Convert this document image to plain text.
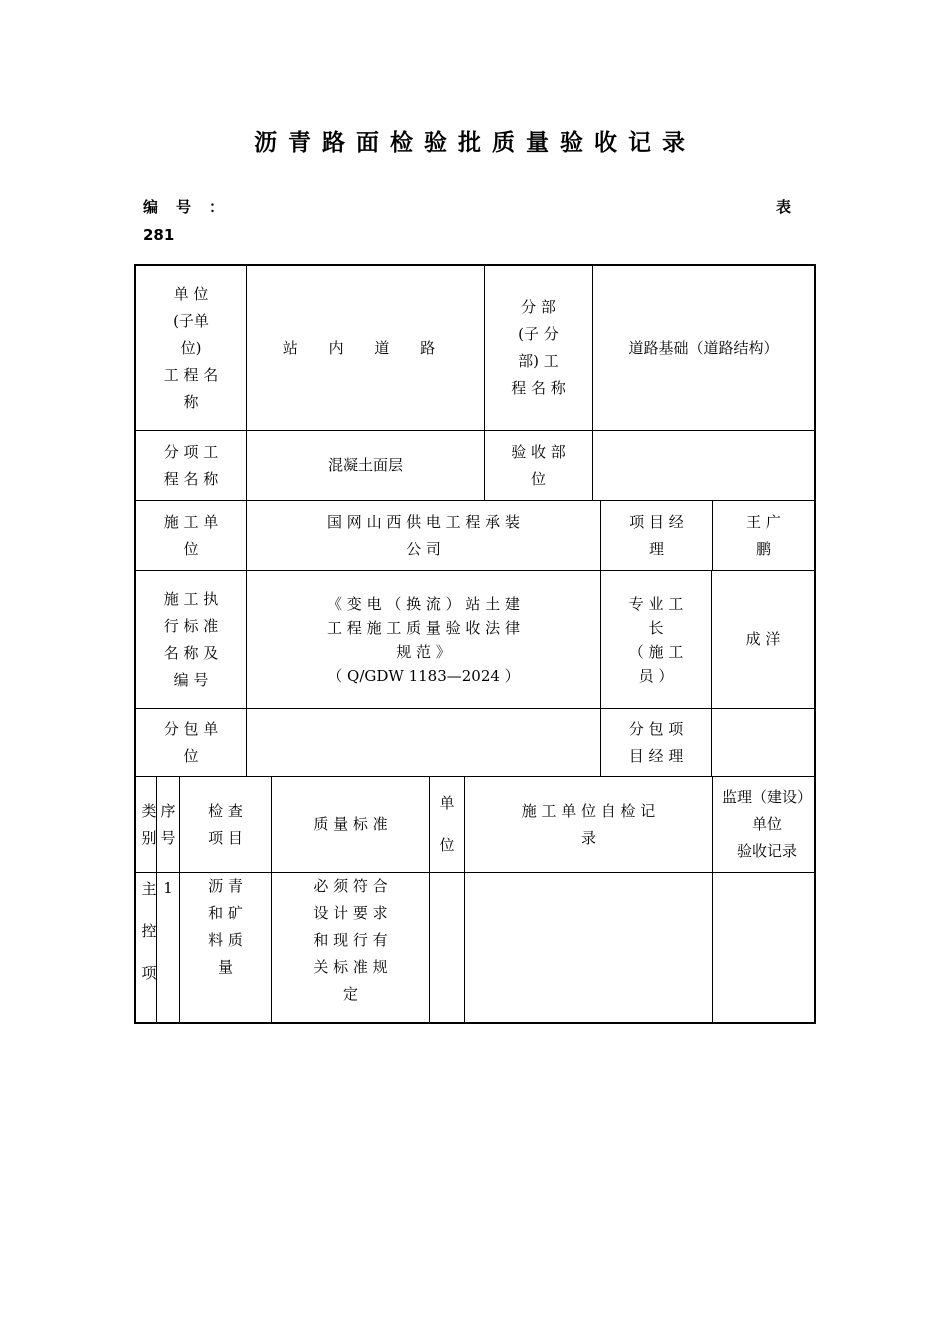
沥青路面检验批质量验收记录
编号：	表
281
单 位
(子单
位)
工 程 名
称
站 内 道 路
分 部
(子 分
部) 工
程 名 称
道路基础（道路结构）
分 项 工
程 名 称
混凝土面层
验 收 部
位
施 工 单
位
国 网 山 西 供 电 工 程 承 装
公 司
项 目 经
理
王 广
鹏
施 工 执
行 标 准
名 称 及
编 号
《 变 电 （ 换 流 ） 站 土 建
工 程 施 工 质 量 验 收 法 律
规 范 》
（ Q/GDW 1183—2024 ）
专 业 工
长
（ 施 工
员 ）
成 洋
分 包 单
位
分 包 项
目 经 理
类
别
序
号
检 查
项 目
质 量 标 准
单

位
施 工 单 位 自 检 记
录
监理（建设）
单位
验收记录
主

控

项
1 沥 青
和 矿
料 质
量
必 须 符 合
设 计 要 求
和 现 行 有
关 标 准 规
定
